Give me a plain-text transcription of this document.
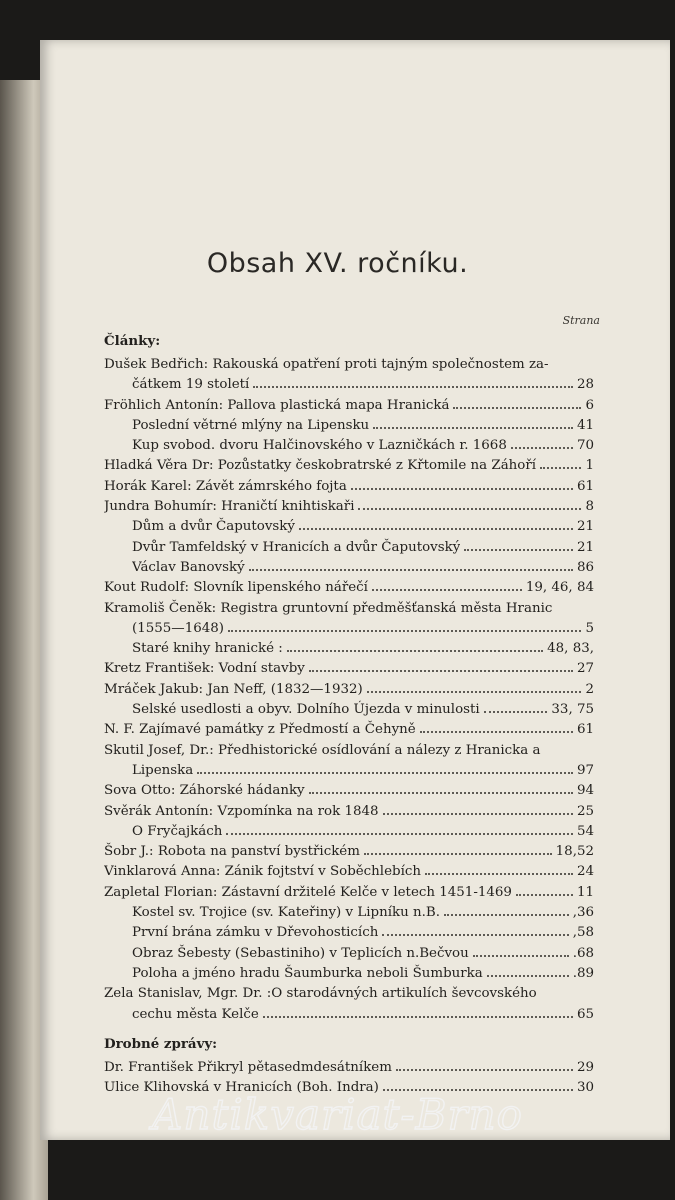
Obsah XV. ročníku.
Strana
Články:
Dušek Bedřich: Rakouská opatření proti tajným společnostem za-
čátkem 19 století	28
Fröhlich Antonín: Pallova plastická mapa Hranická	6
Poslední větrné mlýny na Lipensku	41
Kup svobod. dvoru Halčinovského v Lazničkách r. 1668	70
Hladká Věra Dr: Pozůstatky českobratrské z Křtomile na Záhoří	1
Horák Karel: Závět zámrského fojta	61
Jundra Bohumír: Hraničtí knihtiskaři	8
Dům a dvůr Čaputovský	21
Dvůr Tamfeldský v Hranicích a dvůr Čaputovský	21
Václav Banovský	86
Kout Rudolf: Slovník lipenského nářečí	19, 46, 84
Kramoliš Čeněk: Registra gruntovní předměšťanská města Hranic
(1555—1648)	5
Staré knihy hranické :	48, 83,
Kretz František: Vodní stavby	27
Mráček Jakub: Jan Neff, (1832—1932)	2
Selské usedlosti a obyv. Dolního Újezda v minulosti	33, 75
N. F. Zajímavé památky z Předmostí a Čehyně	61
Skutil Josef, Dr.: Předhistorické osídlování a nálezy z Hranicka a
Lipenska	97
Sova Otto: Záhorské hádanky	94
Svěrák Antonín: Vzpomínka na rok 1848	25
O Fryčajkách	54
Šobr J.: Robota na panství bystřickém	18,52
Vinklarová Anna: Zánik fojtství v Soběchlebích	24
Zapletal Florian: Zástavní držitelé Kelče v letech 1451-1469	11
Kostel sv. Trojice (sv. Kateřiny) v Lipníku n.B.	,36
První brána zámku v Dřevohosticích	,58
Obraz Šebesty (Sebastiniho) v Teplicích n.Bečvou	.68
Poloha a jméno hradu Šaumburka neboli Šumburka	.89
Zela Stanislav, Mgr. Dr. :O starodávných artikulích ševcovského
cechu města Kelče	65
Drobné zprávy:
Dr. František Přikryl pětasedmdesátníkem	29
Ulice Klihovská v Hranicích (Boh. Indra)	30
Antikvariat-Brno
